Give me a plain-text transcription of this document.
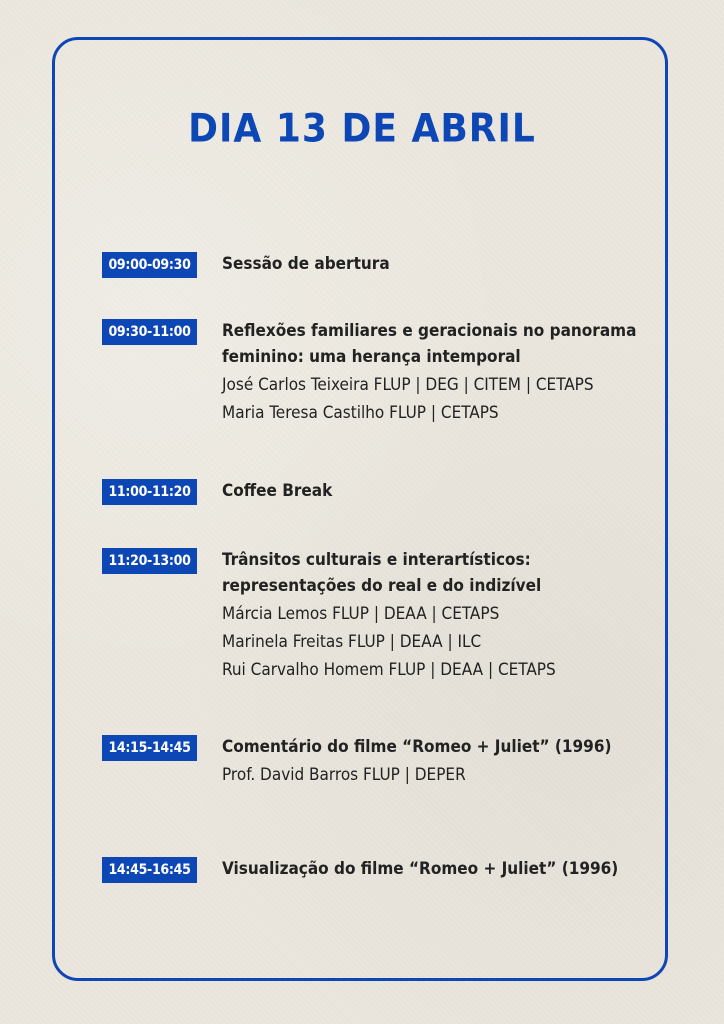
DIA 13 DE ABRIL
09:00-09:30	Sessão de abertura
09:30-11:00	Reflexões familiares e geracionais no panorama
feminino: uma herança intemporal
José Carlos Teixeira FLUP | DEG | CITEM | CETAPS
Maria Teresa Castilho FLUP | CETAPS
11:00-11:20	Coffee Break
11:20-13:00	Trânsitos culturais e interartísticos:
representações do real e do indizível
Márcia Lemos FLUP | DEAA | CETAPS
Marinela Freitas FLUP | DEAA | ILC
Rui Carvalho Homem FLUP | DEAA | CETAPS
14:15-14:45	Comentário do filme “Romeo + Juliet” (1996)
Prof. David Barros FLUP | DEPER
14:45-16:45	Visualização do filme “Romeo + Juliet” (1996)
